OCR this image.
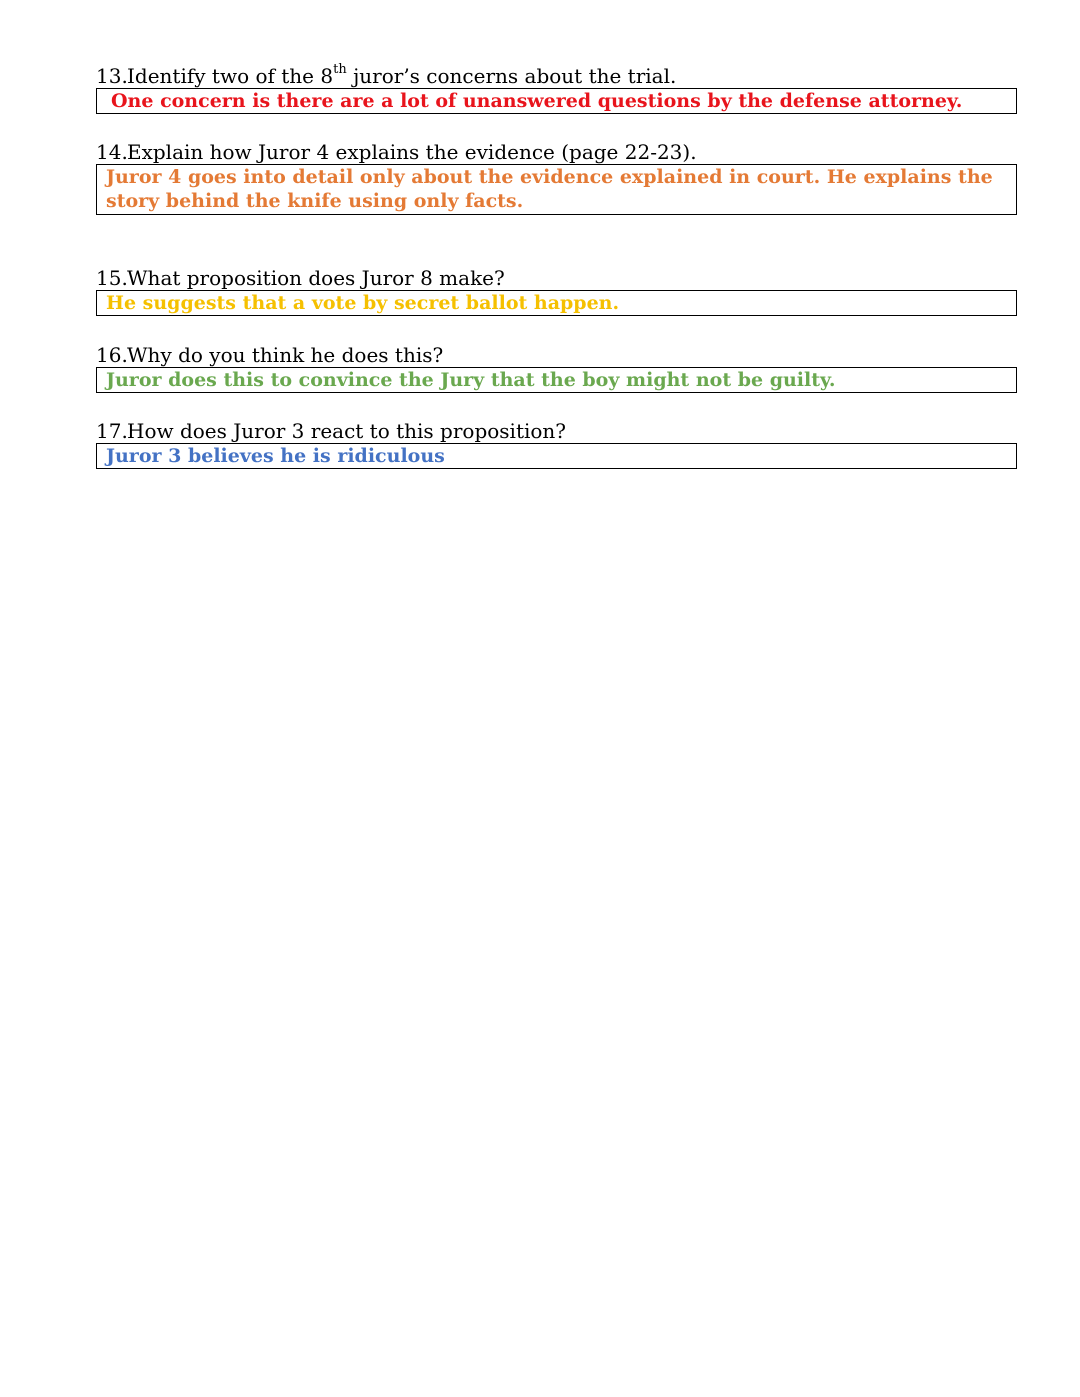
13.Identify two of the 8th juror’s concerns about the trial.
One concern is there are a lot of unanswered questions by the defense attorney.
14.Explain how Juror 4 explains the evidence (page 22-23).
Juror 4 goes into detail only about the evidence explained in court. He explains the story behind the knife using only facts.
15.What proposition does Juror 8 make?
He suggests that a vote by secret ballot happen.
16.Why do you think he does this?
Juror does this to convince the Jury that the boy might not be guilty.
17.How does Juror 3 react to this proposition?
Juror 3 believes he is ridiculous
